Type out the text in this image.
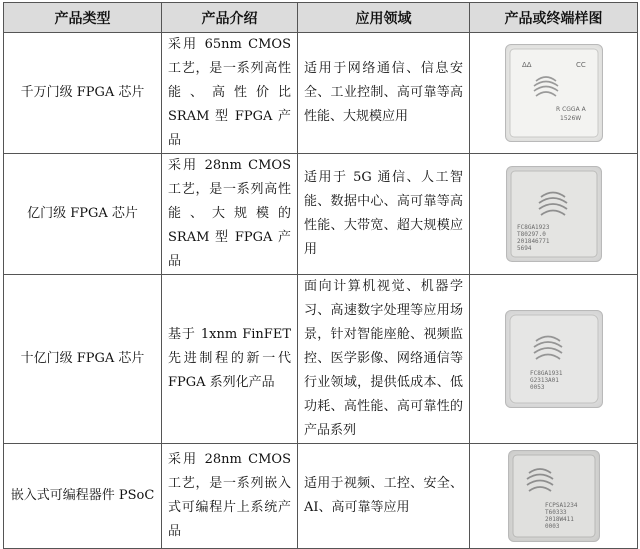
产品类型	产品介绍	应用领域	产品或终端样图
千万门级 FPGA 芯片	采用 65nm CMOS 工艺，是一系列高性能、高性价比 SRAM 型 FPGA 产品	适用于网络通信、信息安全、工业控制、高可靠等高性能、大规模应用	ΔΔ CC
R CGGA A
1526W

亿门级 FPGA 芯片	采用 28nm CMOS 工艺，是一系列高性能、大规模的 SRAM 型 FPGA 产品	适用于 5G 通信、人工智能、数据中心、高可靠等高性能、大带宽、超大规模应用	FC8GA1923
T80297.0
201846771
5694

十亿门级 FPGA 芯片	基于 1xnm FinFET 先进制程的新一代 FPGA 系列化产品	面向计算机视觉、机器学习、高速数字处理等应用场景，针对智能座舱、视频监控、医学影像、网络通信等行业领域，提供低成本、低功耗、高性能、高可靠性的产品系列	FC8GA1931
G2313A01
0053

嵌入式可编程器件 PSoC	采用 28nm CMOS 工艺，是一系列嵌入式可编程片上系统产品	适用于视频、工控、安全、AI、高可靠等应用	FCPSA1234
T60333
2018W411
0003
